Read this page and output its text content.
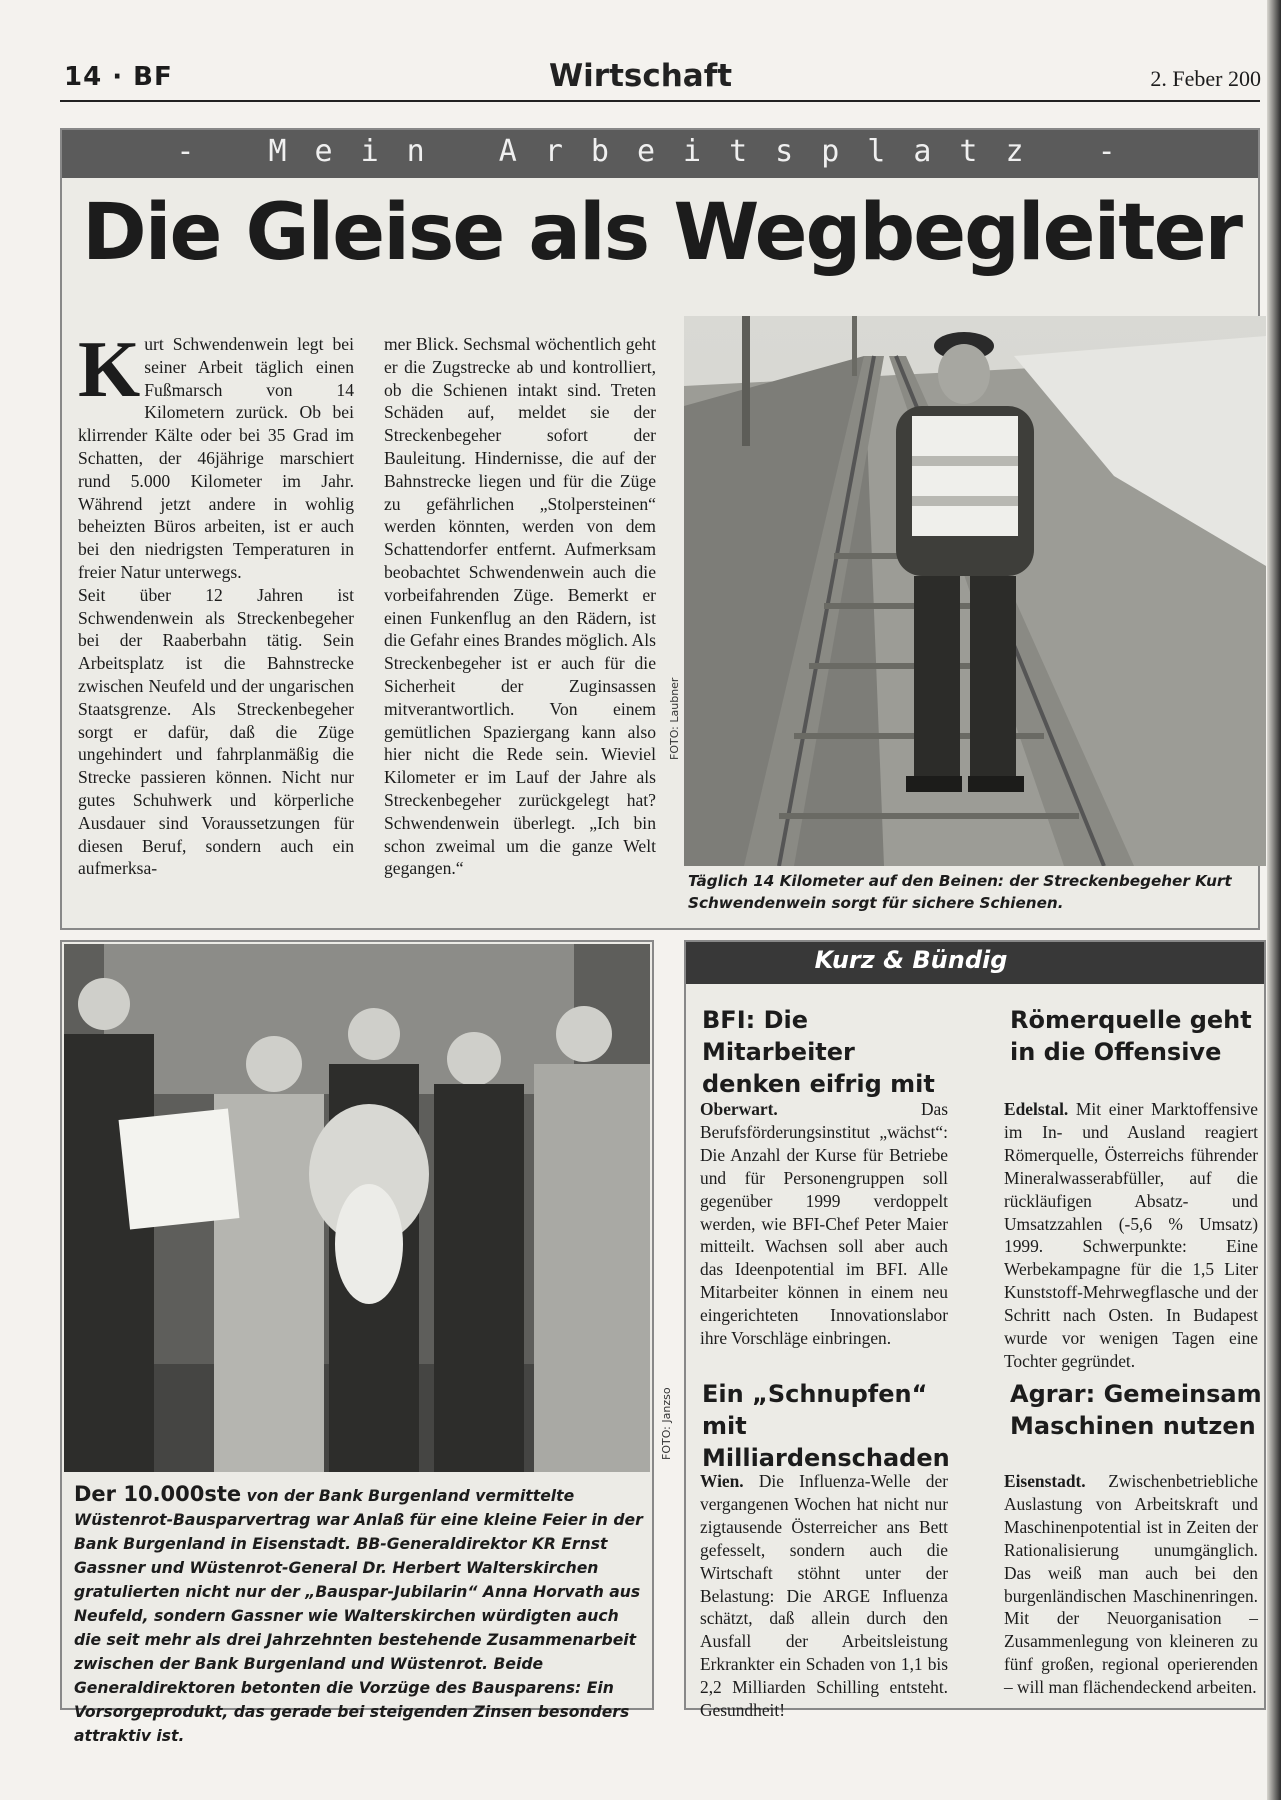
14 · BF	Wirtschaft	2. Feber 200
- Mein Arbeitsplatz -
Die Gleise als Wegbegleiter
K urt Schwendenwein legt bei seiner Arbeit täglich einen Fußmarsch von 14 Kilometern zurück. Ob bei klirrender Kälte oder bei 35 Grad im Schatten, der 46jährige marschiert rund 5.000 Kilometer im Jahr. Während jetzt andere in wohlig beheizten Büros arbeiten, ist er auch bei den niedrigsten Temperaturen in freier Natur unterwegs.

Seit über 12 Jahren ist Schwendenwein als Streckenbegeher bei der Raaberbahn tätig. Sein Arbeitsplatz ist die Bahnstrecke zwischen Neufeld und der ungarischen Staatsgrenze. Als Streckenbegeher sorgt er dafür, daß die Züge ungehindert und fahrplanmäßig die Strecke passieren können. Nicht nur gutes Schuhwerk und körperliche Ausdauer sind Voraussetzungen für diesen Beruf, sondern auch ein aufmerksa-

mer Blick. Sechsmal wöchentlich geht er die Zugstrecke ab und kontrolliert, ob die Schienen intakt sind. Treten Schäden auf, meldet sie der Streckenbegeher sofort der Bauleitung. Hindernisse, die auf der Bahnstrecke liegen und für die Züge zu gefährlichen „Stolpersteinen“ werden könnten, werden von dem Schattendorfer entfernt. Aufmerksam beobachtet Schwendenwein auch die vorbeifahrenden Züge. Bemerkt er einen Funkenflug an den Rädern, ist die Gefahr eines Brandes möglich. Als Streckenbegeher ist er auch für die Sicherheit der Zuginsassen mitverantwortlich. Von einem gemütlichen Spaziergang kann also hier nicht die Rede sein. Wieviel Kilometer er im Lauf der Jahre als Streckenbegeher zurückgelegt hat? Schwendenwein überlegt. „Ich bin schon zweimal um die ganze Welt gegangen.“

FOTO: Laubner
Täglich 14 Kilometer auf den Beinen: der Streckenbegeher Kurt Schwendenwein sorgt für sichere Schienen.
FOTO: Janzso
Der 10.000ste von der Bank Burgenland vermittelte Wüstenrot-Bausparvertrag war Anlaß für eine kleine Feier in der Bank Burgenland in Eisenstadt. BB-Generaldirektor KR Ernst Gassner und Wüstenrot-General Dr. Herbert Walterskirchen gratulierten nicht nur der „Bauspar-Jubilarin“ Anna Horvath aus Neufeld, sondern Gassner wie Walterskirchen würdigten auch die seit mehr als drei Jahrzehnten bestehende Zusammenarbeit zwischen der Bank Burgenland und Wüstenrot. Beide Generaldirektoren betonten die Vorzüge des Bausparens: Ein Vorsorgeprodukt, das gerade bei steigenden Zinsen besonders attraktiv ist.
Kurz & Bündig
BFI: Die Mitarbeiter denken eifrig mit
Oberwart.	Das Berufsförderungsinstitut „wächst“: Die Anzahl der Kurse für Betriebe und für Personengruppen soll gegenüber 1999 verdoppelt werden, wie BFI-Chef Peter Maier mitteilt. Wachsen soll aber auch das Ideenpotential im BFI. Alle Mitarbeiter können in einem neu eingerichteten Innovationslabor ihre Vorschläge einbringen.
Ein „Schnupfen“ mit Milliardenschaden
Wien. Die Influenza-Welle der vergangenen Wochen hat nicht nur zigtausende Österreicher ans Bett gefesselt, sondern auch die Wirtschaft stöhnt unter der Belastung: Die ARGE Influenza schätzt, daß allein durch den Ausfall der Arbeitsleistung Erkrankter ein Schaden von 1,1 bis 2,2 Milliarden Schilling entsteht. Gesundheit!
Römerquelle geht in die Offensive
Edelstal. Mit einer Marktoffensive im In- und Ausland reagiert Römerquelle, Österreichs führender Mineralwasserabfüller, auf die rückläufigen Absatz- und Umsatzzahlen (-5,6 % Umsatz) 1999. Schwerpunkte: Eine Werbekampagne für die 1,5 Liter Kunststoff-Mehrwegflasche und der Schritt nach Osten. In Budapest wurde vor wenigen Tagen eine Tochter gegründet.
Agrar: Gemeinsam Maschinen nutzen
Eisenstadt. Zwischenbetriebliche Auslastung von Arbeitskraft und Maschinenpotential ist in Zeiten der Rationalisierung unumgänglich. Das weiß man auch bei den burgenländischen Maschinenringen. Mit der Neuorganisation – Zusammenlegung von kleineren zu fünf großen, regional operierenden – will man flächendeckend arbeiten.
